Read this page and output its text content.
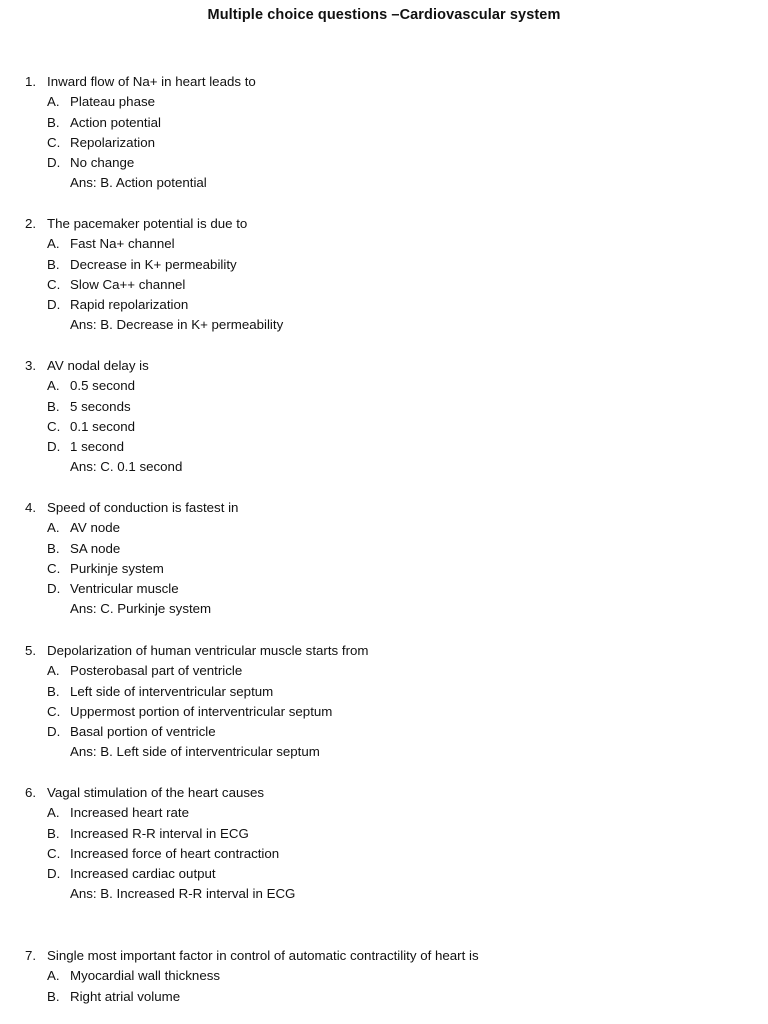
Multiple choice questions –Cardiovascular system
1. Inward flow of Na+ in heart leads to
A. Plateau phase
B. Action potential
C. Repolarization
D. No change
Ans: B. Action potential
2. The pacemaker potential is due to
A. Fast Na+ channel
B. Decrease in K+ permeability
C. Slow Ca++ channel
D. Rapid repolarization
Ans: B. Decrease in K+ permeability
3. AV nodal delay is
A. 0.5 second
B. 5 seconds
C. 0.1 second
D. 1 second
Ans: C. 0.1 second
4. Speed of conduction is fastest in
A. AV node
B. SA node
C. Purkinje system
D. Ventricular muscle
Ans: C. Purkinje system
5. Depolarization of human ventricular muscle starts from
A. Posterobasal part of ventricle
B. Left side of interventricular septum
C. Uppermost portion of interventricular septum
D. Basal portion of ventricle
Ans: B. Left side of interventricular septum
6. Vagal stimulation of the heart causes
A. Increased heart rate
B. Increased R-R interval in ECG
C. Increased force of heart contraction
D. Increased cardiac output
Ans: B. Increased R-R interval in ECG
7. Single most important factor in control of automatic contractility of heart is
A. Myocardial wall thickness
B. Right atrial volume
